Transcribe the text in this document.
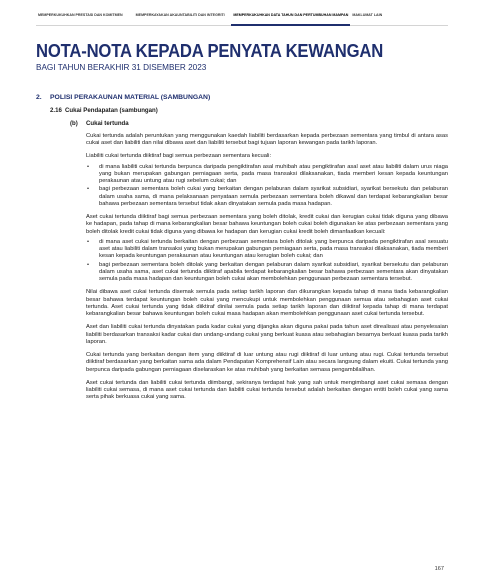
MEMPERKUKUHKAN PRESTASI DAN KOMITMEN	MEMPERKAYAKAN AKAUNTABILITI DAN INTEGRITI	MEMPERKUKUHKAN DATA TAHUN DAN PERTUMBUHAN MAMPAN	MAKLUMAT LAIN
NOTA-NOTA KEPADA PENYATA KEWANGAN
BAGI TAHUN BERAKHIR 31 DISEMBER 2023
2.	POLISI PERAKAUNAN MATERIAL (SAMBUNGAN)
2.16 Cukai Pendapatan (sambungan)
(b)	Cukai tertunda

Cukai tertunda adalah peruntukan yang menggunakan kaedah liabiliti berdasarkan kepada perbezaan sementara yang timbul di antara asas cukai aset dan liabiliti dan nilai dibawa aset dan liabiliti tersebut bagi tujuan laporan kewangan pada tarikh laporan.

Liabiliti cukai tertunda diiktiraf bagi semua perbezaan sementara kecuali:

• di mana liabiliti cukai tertunda berpunca daripada pengiktirafan asal muhibah atau pengiktirafan asal aset atau liabiliti dalam urus niaga yang bukan merupakan gabungan perniagaan serta, pada masa transaksi dilaksanakan, tiada memberi kesan kepada keuntungan perakaunan atau untung atau rugi sebelum cukai; dan
• bagi perbezaan sementara boleh cukai yang berkaitan dengan pelaburan dalam syarikat subsidiari, syarikat bersekutu dan pelaburan dalam usaha sama, di mana pelaksanaan penyataan semula perbezaan sementara boleh dikawal dan terdapat kebarangkalian besar bahawa perbezaan sementara tersebut tidak akan dinyatakan semula pada masa hadapan.

Aset cukai tertunda diiktiraf bagi semua perbezaan sementara yang boleh ditolak, kredit cukai dan kerugian cukai tidak diguna yang dibawa ke hadapan, pada tahap di mana kebarangkalian besar bahawa keuntungan boleh cukai boleh digunakan ke atas perbezaan sementara yang boleh ditolak kredit cukai tidak diguna yang dibawa ke hadapan dan kerugian cukai kredit boleh dimanfaatkan kecuali:

• di mana aset cukai tertunda berkaitan dengan perbezaan sementara boleh ditolak yang berpunca daripada pengiktirafan asal sesuatu aset atau liabiliti dalam transaksi yang bukan merupakan gabungan perniagaan serta, pada masa transaksi dilaksanakan, tiada memberi kesan kepada keuntungan perakaunan atau keuntungan atau kerugian boleh cukai; dan
• bagi perbezaan sementara boleh ditolak yang berkaitan dengan pelaburan dalam syarikat subsidiari, syarikat bersekutu dan pelaburan dalam usaha sama, aset cukai tertunda diiktiraf apabila terdapat kebarangkalian besar bahawa perbezaan sementara akan dinyatakan semula pada masa hadapan dan keuntungan boleh cukai akan membolehkan penggunaan perbezaan sementara tersebut.

Nilai dibawa aset cukai tertunda disemak semula pada setiap tarikh laporan dan dikurangkan kepada tahap di mana tiada kebarangkalian besar bahawa terdapat keuntungan boleh cukai yang mencukupi untuk membolehkan penggunaan semua atau sebahagian aset cukai tertunda. Aset cukai tertunda yang tidak diiktiraf dinilai semula pada setiap tarikh laporan dan diiktiraf kepada tahap di mana terdapat kebarangkalian besar bahawa keuntungan boleh cukai masa hadapan akan membolehkan penggunaan aset cukai tertunda tersebut.

Aset dan liabiliti cukai tertunda dinyatakan pada kadar cukai yang dijangka akan diguna pakai pada tahun aset direalisasi atau penyelesaian liabiliti berdasarkan transaksi kadar cukai dan undang-undang cukai yang berkuat kuasa atau sebahagian besarnya berkuat kuasa pada tarikh laporan.

Cukai tertunda yang berkaitan dengan item yang diiktiraf di luar untung atau rugi diiktiraf di luar untung atau rugi. Cukai tertunda tersebut diiktiraf berdasarkan yang berkaitan sama ada dalam Pendapatan Komprehensif Lain atau secara langsung dalam ekuiti. Cukai tertunda yang berpunca daripada gabungan perniagaan diselaraskan ke atas muhibah yang berkaitan semasa pengambilalihan.

Aset cukai tertunda dan liabiliti cukai tertunda diimbangi, sekiranya terdapat hak yang sah untuk mengimbangi aset cukai semasa dengan liabiliti cukai semasa, di mana aset cukai tertunda dan liabiliti cukai tertunda tersebut adalah berkaitan dengan entiti boleh cukai yang sama serta pihak berkuasa cukai yang sama.

167
